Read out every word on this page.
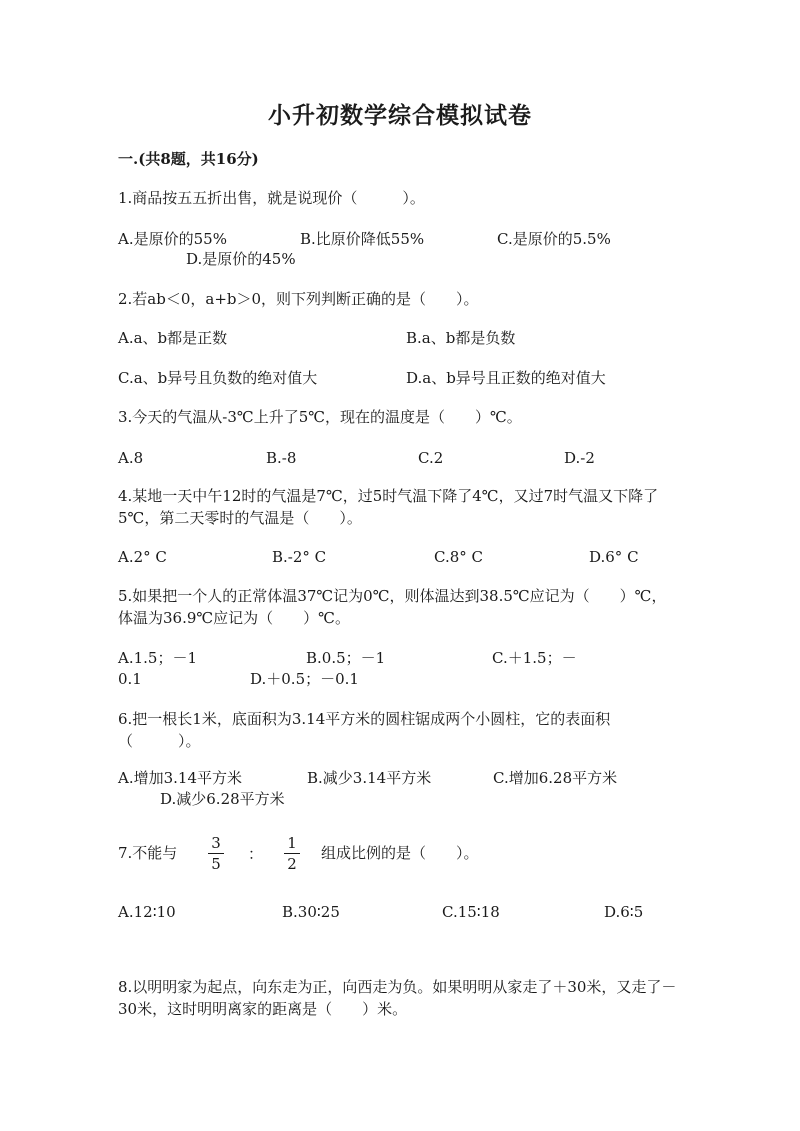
小升初数学综合模拟试卷
一.(共8题，共16分)
1.商品按五五折出售，就是说现价（　　　）。
A.是原价的55%	B.比原价降低55%	C.是原价的5.5%
D.是原价的45%
2.若ab＜0，a+b＞0，则下列判断正确的是（　　）。
A.a、b都是正数	B.a、b都是负数
C.a、b异号且负数的绝对值大	D.a、b异号且正数的绝对值大
3.今天的气温从-3℃上升了5℃，现在的温度是（　　）℃。
A.8	B.-8	C.2	D.-2
4.某地一天中午12时的气温是7℃，过5时气温下降了4℃，又过7时气温又下降了5℃，第二天零时的气温是（　　）。
A.2° C	B.-2° C	C.8° C	D.6° C
5.如果把一个人的正常体温37℃记为0℃，则体温达到38.5℃应记为（　　）℃，体温为36.9℃应记为（　　）℃。
A.1.5；－1	B.0.5；－1	C.＋1.5；－
0.1	D.＋0.5；－0.1
6.把一根长1米，底面积为3.14平方米的圆柱锯成两个小圆柱，它的表面积（　　　）。
A.增加3.14平方米	B.减少3.14平方米	C.增加6.28平方米
D.减少6.28平方米
7.不能与
3
5
：
1
2
组成比例的是（　　）。
A.12∶10	B.30∶25	C.15∶18	D.6∶5
8.以明明家为起点，向东走为正，向西走为负。如果明明从家走了＋30米，又走了－30米，这时明明离家的距离是（　　）米。
